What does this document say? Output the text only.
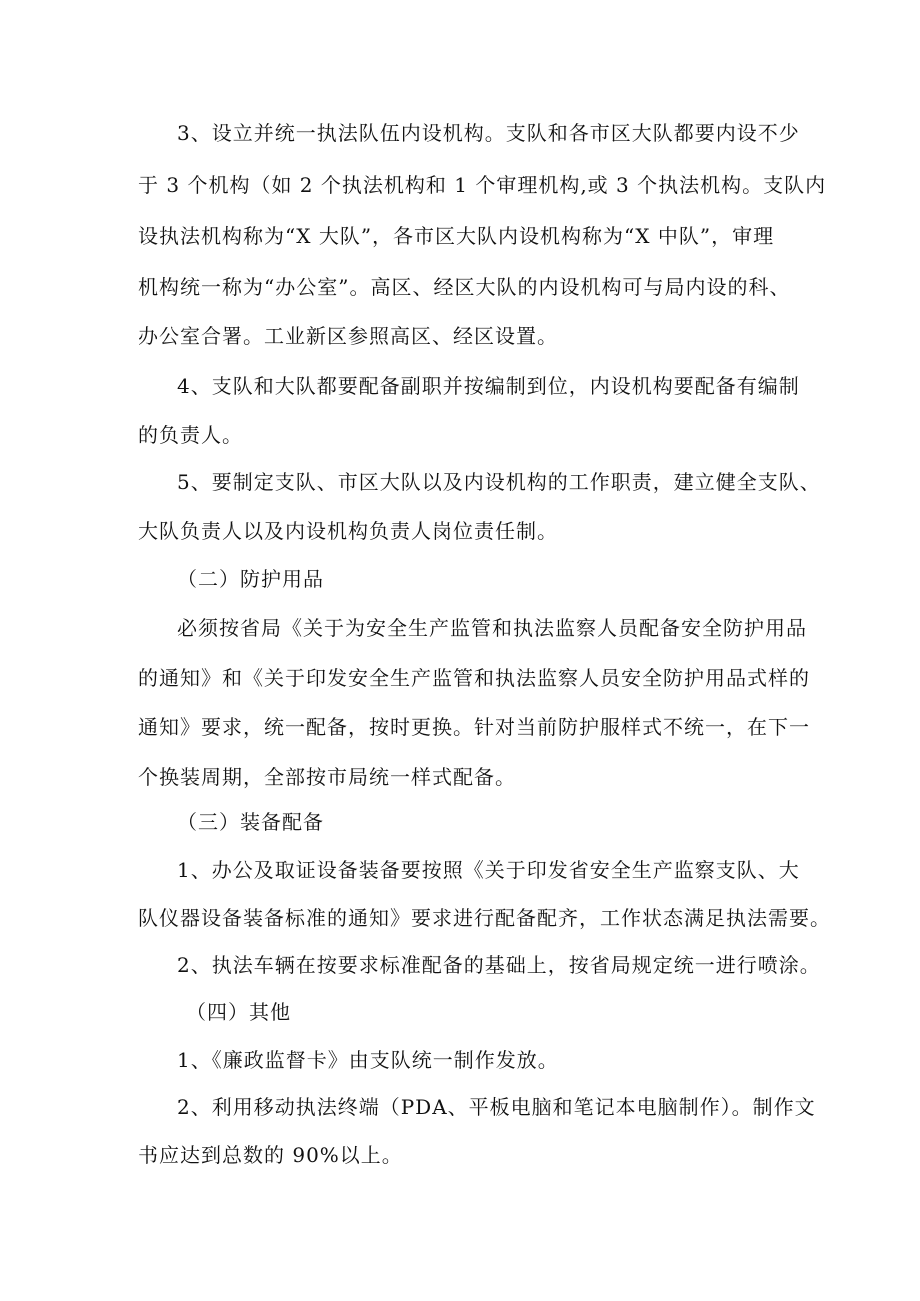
3、设立并统一执法队伍内设机构。支队和各市区大队都要内设不少
于 3 个机构（如 2 个执法机构和 1 个审理机构,或 3 个执法机构。支队内
设执法机构称为“X 大队”，各市区大队内设机构称为“X 中队”，审理
机构统一称为“办公室”。高区、经区大队的内设机构可与局内设的科、
办公室合署。工业新区参照高区、经区设置。
4、支队和大队都要配备副职并按编制到位，内设机构要配备有编制
的负责人。
5、要制定支队、市区大队以及内设机构的工作职责，建立健全支队、
大队负责人以及内设机构负责人岗位责任制。
（二）防护用品
必须按省局《关于为安全生产监管和执法监察人员配备安全防护用品
的通知》和《关于印发安全生产监管和执法监察人员安全防护用品式样的
通知》要求，统一配备，按时更换。针对当前防护服样式不统一，在下一
个换装周期，全部按市局统一样式配备。
（三）装备配备
1、办公及取证设备装备要按照《关于印发省安全生产监察支队、大
队仪器设备装备标准的通知》要求进行配备配齐，工作状态满足执法需要。
2、执法车辆在按要求标准配备的基础上，按省局规定统一进行喷涂。
（四）其他
1、《廉政监督卡》由支队统一制作发放。
2、利用移动执法终端（PDA、平板电脑和笔记本电脑制作）。制作文
书应达到总数的 90%以上。
